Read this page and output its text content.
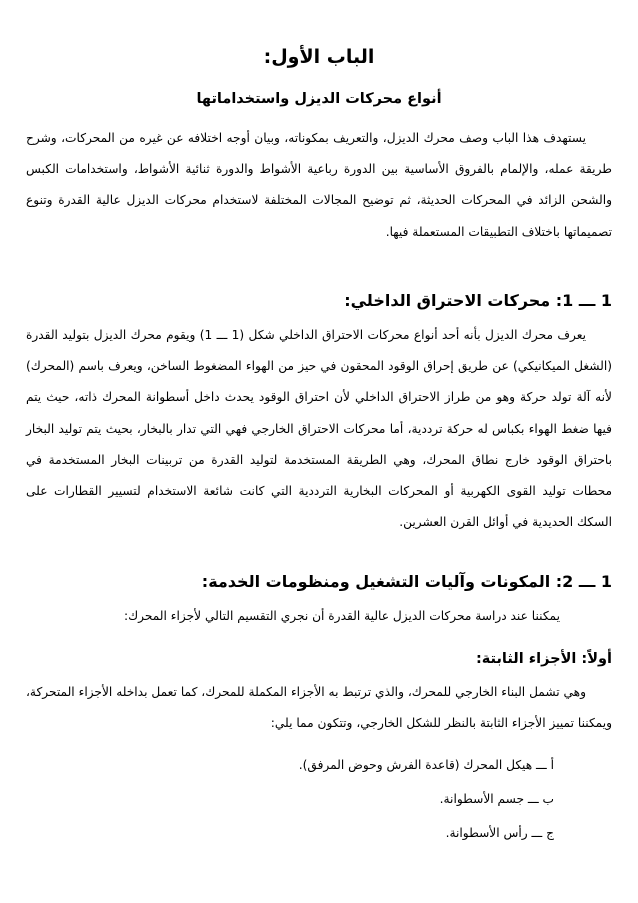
الباب الأول:
أنواع محركات الديزل واستخداماتها

يستهدف هذا الباب وصف محرك الديزل، والتعريف بمكوناته، وبيان أوجه اختلافه عن غيره من المحركات، وشرح طريقة عمله، والإلمام بالفروق الأساسية بين الدورة رباعية الأشواط والدورة ثنائية الأشواط، واستخدامات الكبس والشحن الزائد في المحركات الحديثة، ثم توضيح المجالات المختلفة لاستخدام محركات الديزل عالية القدرة وتنوع تصميماتها باختلاف التطبيقات المستعملة فيها.

1 ـــ 1: محركات الاحتراق الداخلي:

يعرف محرك الديزل بأنه أحد أنواع محركات الاحتراق الداخلي شكل (1 ـــ 1) ويقوم محرك الديزل بتوليد القدرة (الشغل الميكانيكي) عن طريق إحراق الوقود المحقون في حيز من الهواء المضغوط الساخن، ويعرف باسم (المحرك) لأنه آلة تولد حركة وهو من طراز الاحتراق الداخلي لأن احتراق الوقود يحدث داخل أسطوانة المحرك ذاته، حيث يتم فيها ضغط الهواء بكباس له حركة ترددية، أما محركات الاحتراق الخارجي فهي التي تدار بالبخار، بحيث يتم توليد البخار باحتراق الوقود خارج نطاق المحرك، وهي الطريقة المستخدمة لتوليد القدرة من تربينات البخار المستخدمة في محطات توليد القوى الكهربية أو المحركات البخارية الترددية التي كانت شائعة الاستخدام لتسيير القطارات على السكك الحديدية في أوائل القرن العشرين.

1 ـــ 2: المكونات وآليات التشغيل ومنظومات الخدمة:

يمكننا عند دراسة محركات الديزل عالية القدرة أن نجري التقسيم التالي لأجزاء المحرك:

أولاً: الأجزاء الثابتة:

وهي تشمل البناء الخارجي للمحرك، والذي ترتبط به الأجزاء المكملة للمحرك، كما تعمل بداخله الأجزاء المتحركة، ويمكننا تمييز الأجزاء الثابتة بالنظر للشكل الخارجي، وتتكون مما يلي:

أ ـــ هيكل المحرك (قاعدة الفرش وحوض المرفق).

ب ـــ جسم الأسطوانة.

ج ـــ رأس الأسطوانة.
